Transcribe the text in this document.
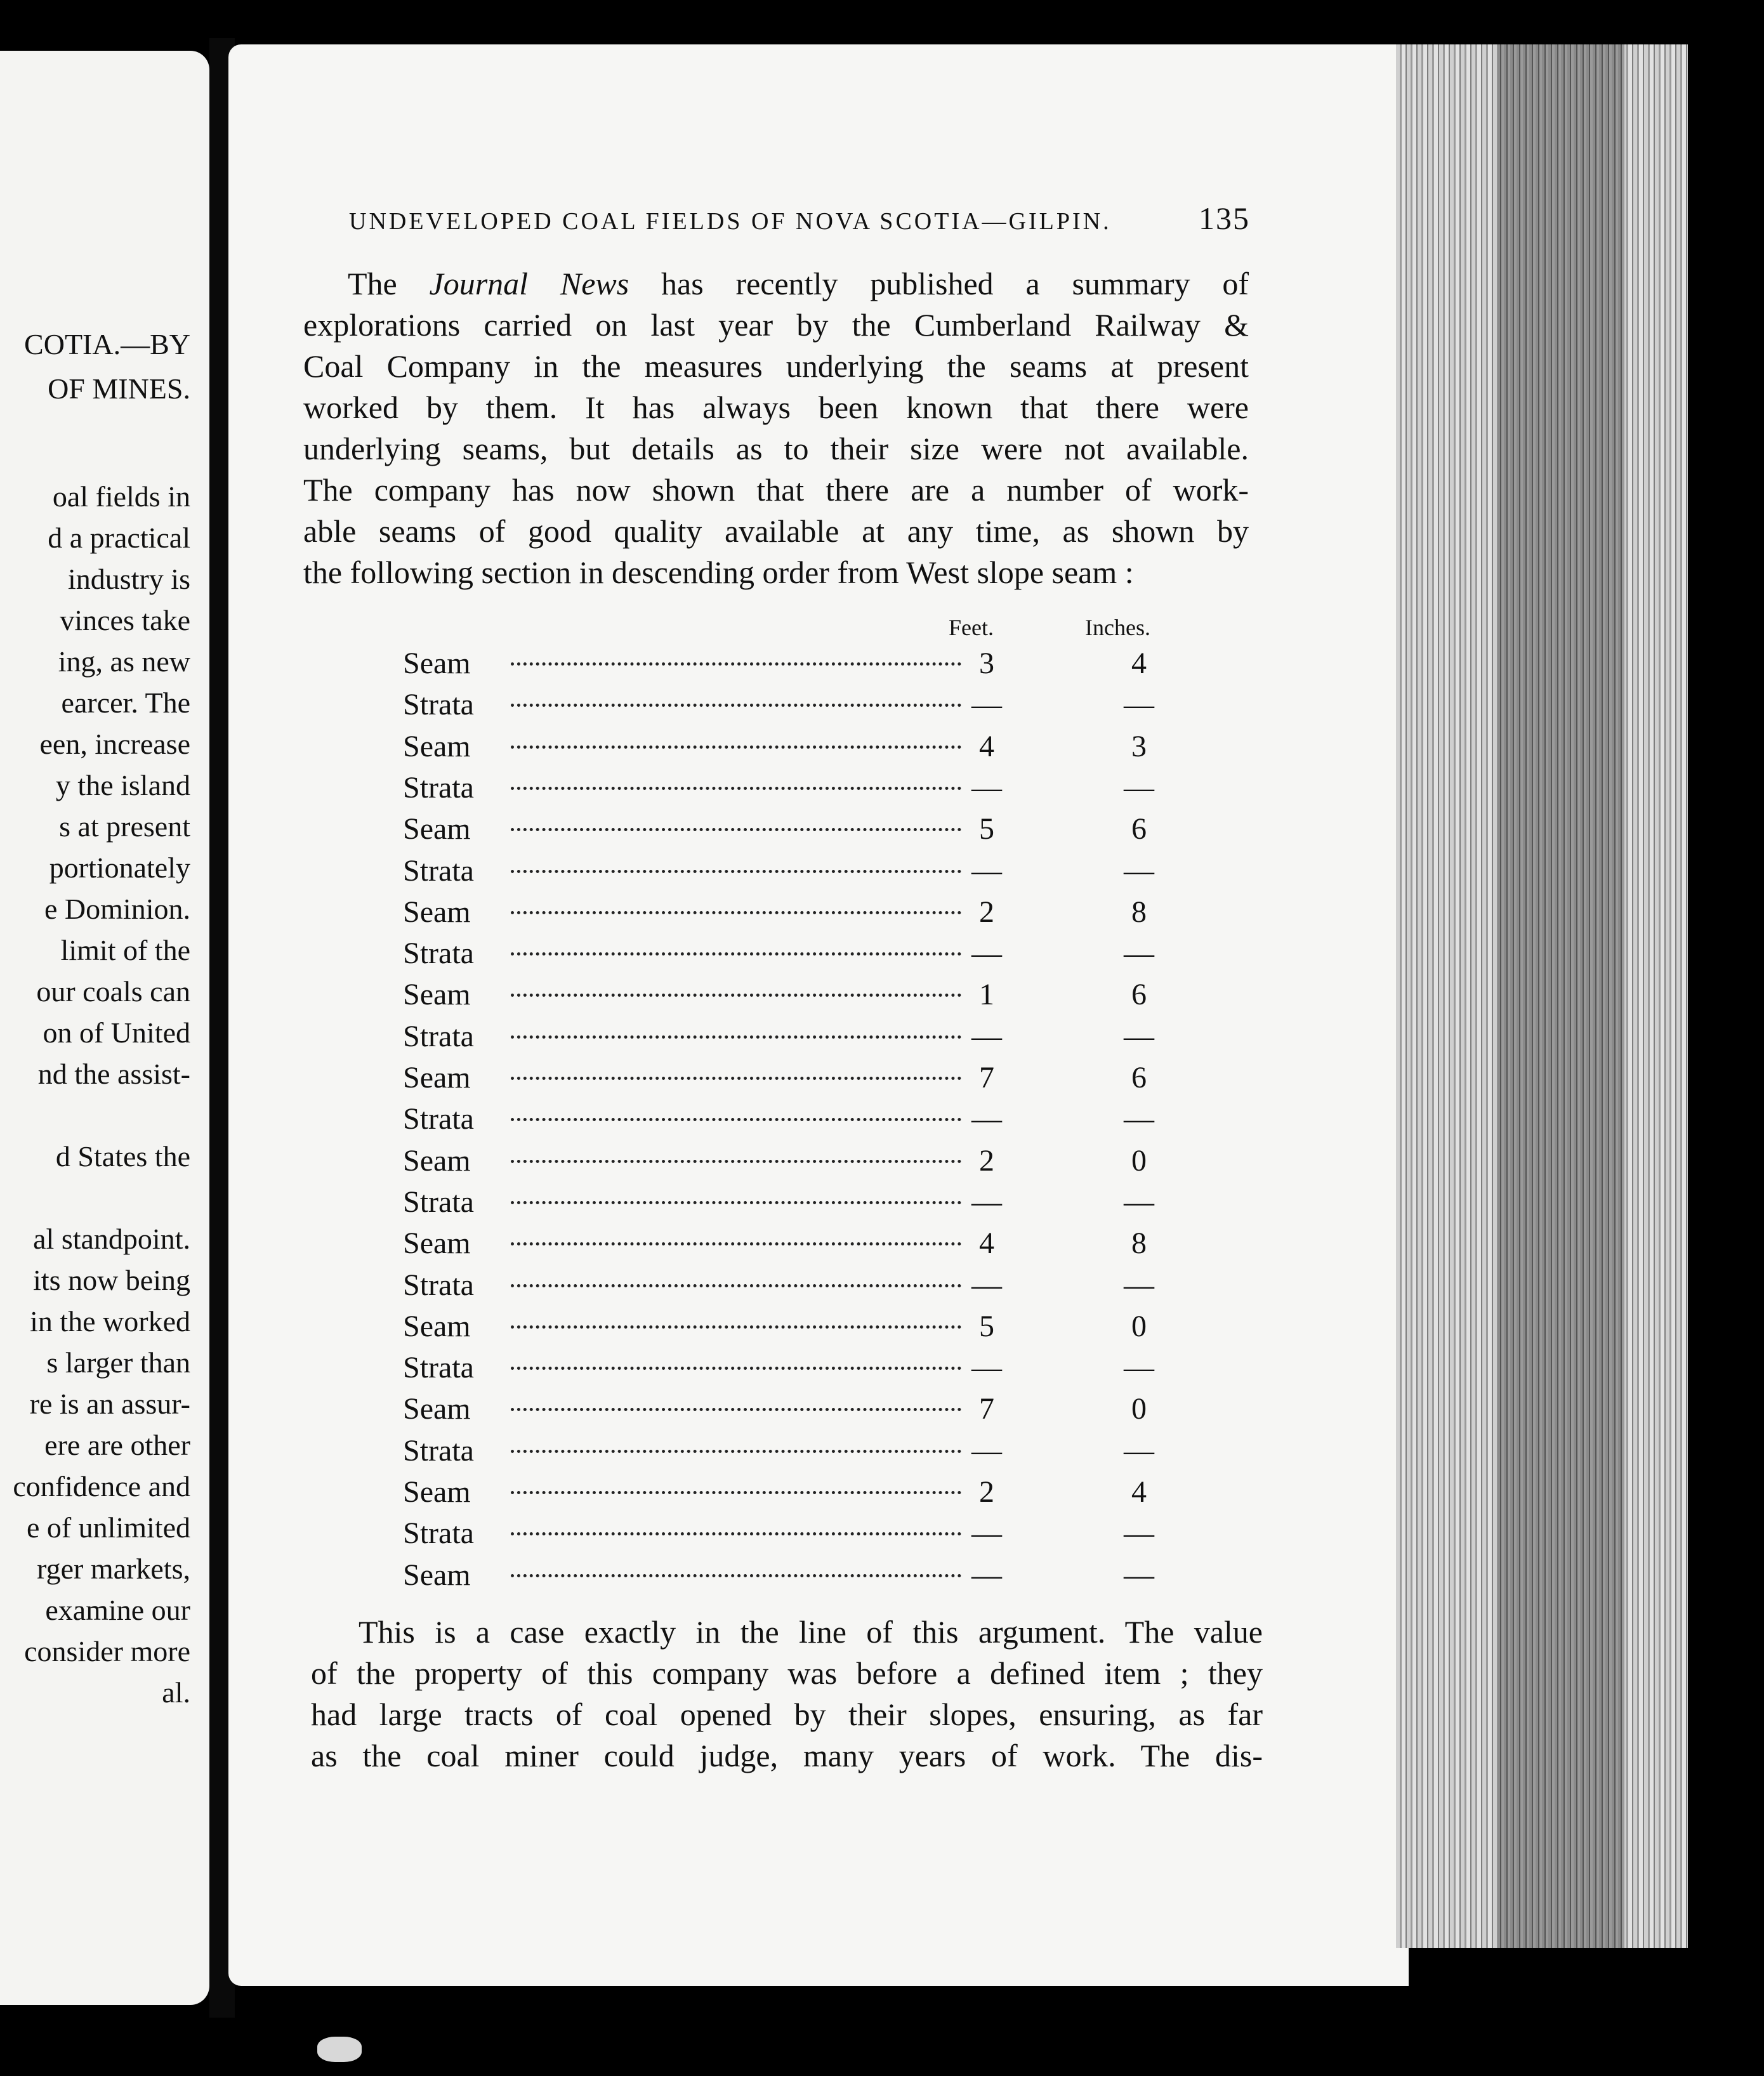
COTIA.—BY
OF MINES.
oal fields in
d a practical
industry is
vinces take
ing, as new
earcer. The
een, increase
y the island
s at present
portionately
e Dominion.
limit of the
our coals can
on of United
nd the assist-
d States the
al standpoint.
its now being
in the worked
s larger than
re is an assur-
ere are other
confidence and
e of unlimited
rger markets,
examine our
consider more
al.
UNDEVELOPED COAL FIELDS OF NOVA SCOTIA—GILPIN.	135
The Journal News has recently published a summary of
explorations carried on last year by the Cumberland Railway &
Coal Company in the measures underlying the seams at present
worked by them. It has always been known that there were
underlying seams, but details as to their size were not available.
The company has now shown that there are a number of work-
able seams of good quality available at any time, as shown by
the following section in descending order from West slope seam :
Feet.	Inches.
Seam	3	4
Strata	—	—
Seam	4	3
Strata	—	—
Seam	5	6
Strata	—	—
Seam	2	8
Strata	—	—
Seam	1	6
Strata	—	—
Seam	7	6
Strata	—	—
Seam	2	0
Strata	—	—
Seam	4	8
Strata	—	—
Seam	5	0
Strata	—	—
Seam	7	0
Strata	—	—
Seam	2	4
Strata	—	—
Seam	—	—
This is a case exactly in the line of this argument. The value
of the property of this company was before a defined item ; they
had large tracts of coal opened by their slopes, ensuring, as far
as the coal miner could judge, many years of work. The dis-
